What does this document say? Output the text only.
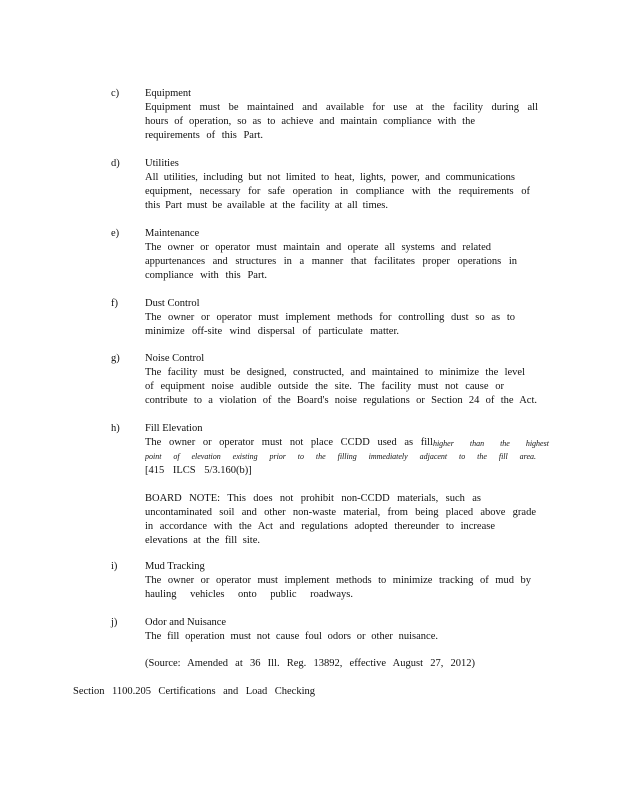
c) Equipment
Equipment must be maintained and available for use at the facility during all
hours of operation, so as to achieve and maintain compliance with the
requirements of this Part.
d) Utilities
All utilities, including but not limited to heat, lights, power, and communications
equipment, necessary for safe operation in compliance with the requirements of
this Part must be available at the facility at all times.
e) Maintenance
The owner or operator must maintain and operate all systems and related
appurtenances and structures in a manner that facilitates proper operations in
compliance with this Part.
f)	Dust Control
The owner or operator must implement methods for controlling dust so as to
minimize off-site wind dispersal of particulate matter.
g) Noise Control
The facility must be designed, constructed, and maintained to minimize the level
of equipment noise audible outside the site. The facility must not cause or
contribute to a violation of the Board's noise regulations or Section 24 of the Act.
h) Fill Elevation
The owner or operator must not place CCDD used as fill higher than the highest
point of elevation existing prior to the filling immediately adjacent to the fill area.
[415 ILCS 5/3.160(b)]
BOARD NOTE: This does not prohibit non-CCDD materials, such as
uncontaminated soil and other non-waste material, from being placed above grade
in accordance with the Act and regulations adopted thereunder to increase
elevations at the fill site.
i)	Mud Tracking
The owner or operator must implement methods to minimize tracking of mud by
hauling vehicles onto public roadways.
j)	Odor and Nuisance
The fill operation must not cause foul odors or other nuisance.
(Source: Amended at 36 Ill. Reg. 13892, effective August 27, 2012)
Section 1100.205 Certifications and Load Checking
